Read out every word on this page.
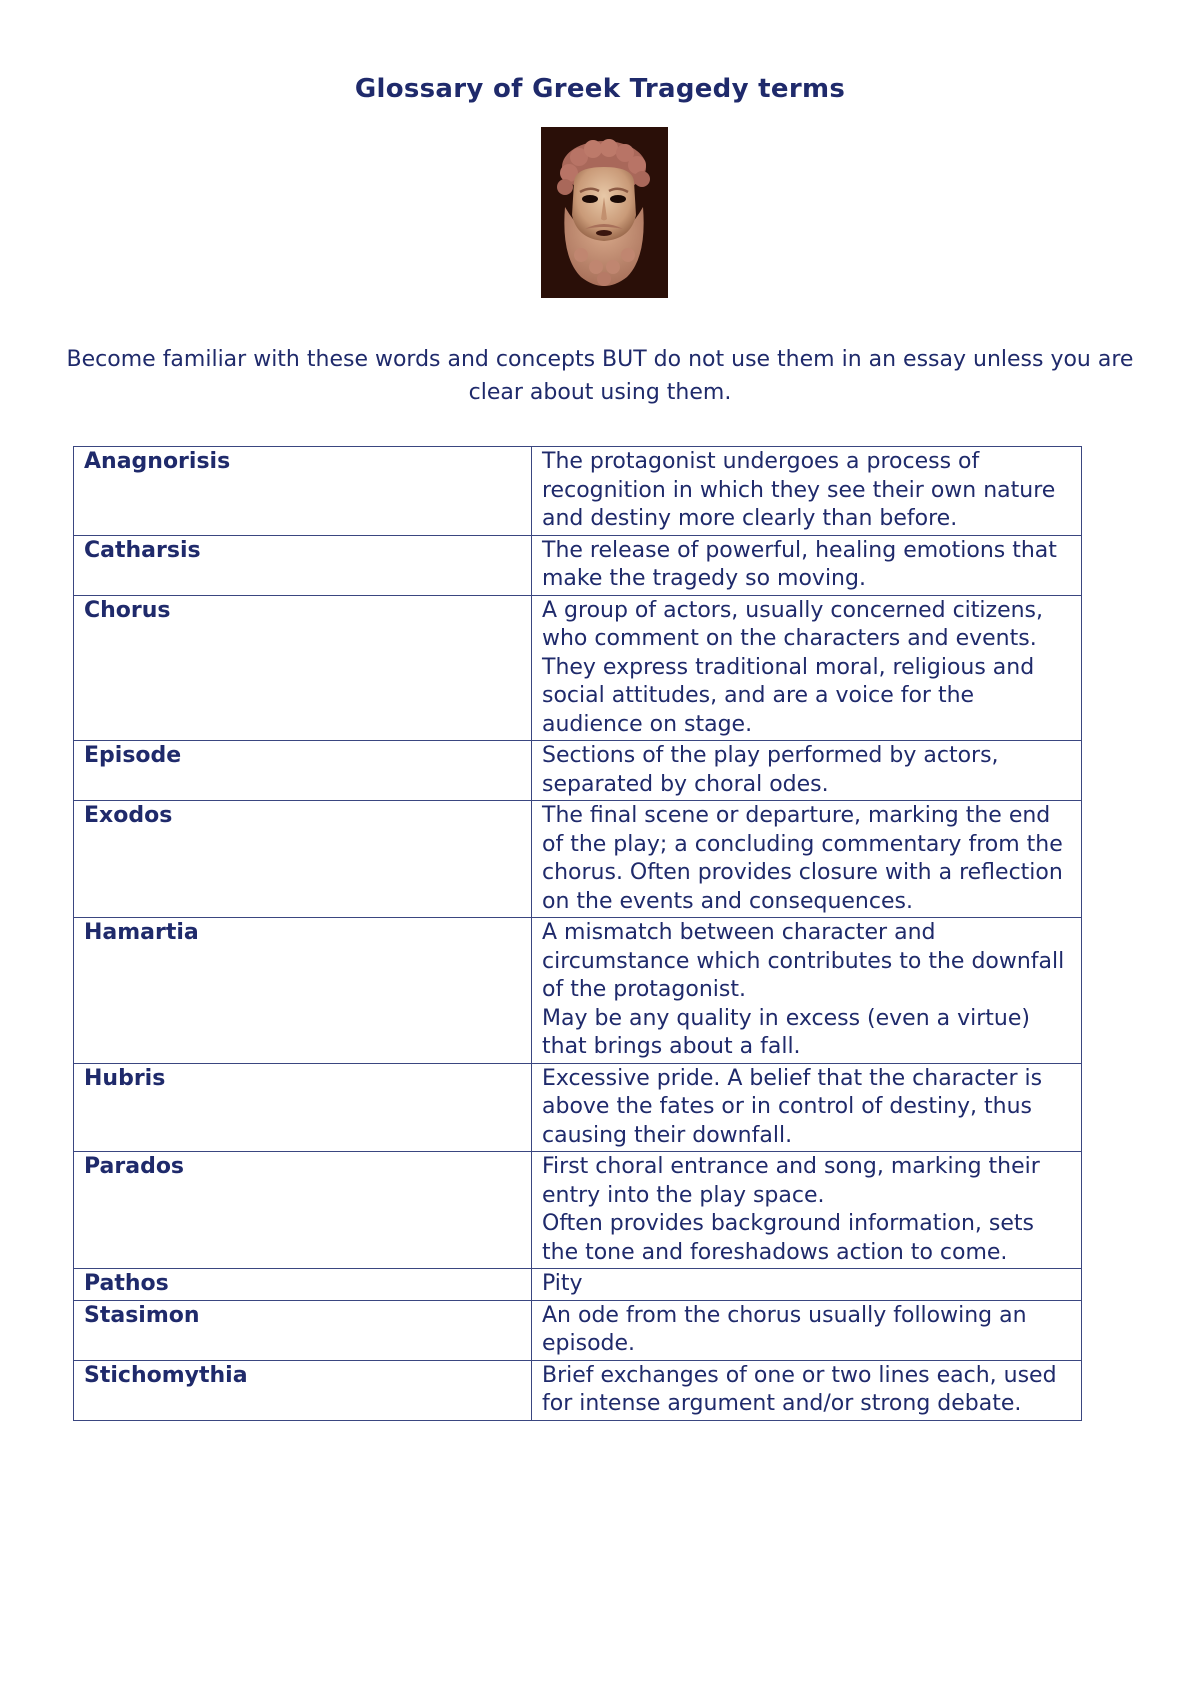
Glossary of Greek Tragedy terms
Become familiar with these words and concepts BUT do not use them in an essay unless you are clear about using them.
Anagnorisis	The protagonist undergoes a process of recognition in which they see their own nature and destiny more clearly than before.

Catharsis	The release of powerful, healing emotions that make the tragedy so moving.

Chorus	A group of actors, usually concerned citizens, who comment on the characters and events. They express traditional moral, religious and social attitudes, and are a voice for the audience on stage.

Episode	Sections of the play performed by actors, separated by choral odes.

Exodos	The final scene or departure, marking the end of the play; a concluding commentary from the chorus. Often provides closure with a reflection on the events and consequences.

Hamartia	A mismatch between character and circumstance which contributes to the downfall of the protagonist.
May be any quality in excess (even a virtue) that brings about a fall.

Hubris	Excessive pride. A belief that the character is above the fates or in control of destiny, thus causing their downfall.

Parados	First choral entrance and song, marking their entry into the play space.
Often provides background information, sets the tone and foreshadows action to come.

Pathos	Pity

Stasimon	An ode from the chorus usually following an episode.

Stichomythia	Brief exchanges of one or two lines each, used for intense argument and/or strong debate.
